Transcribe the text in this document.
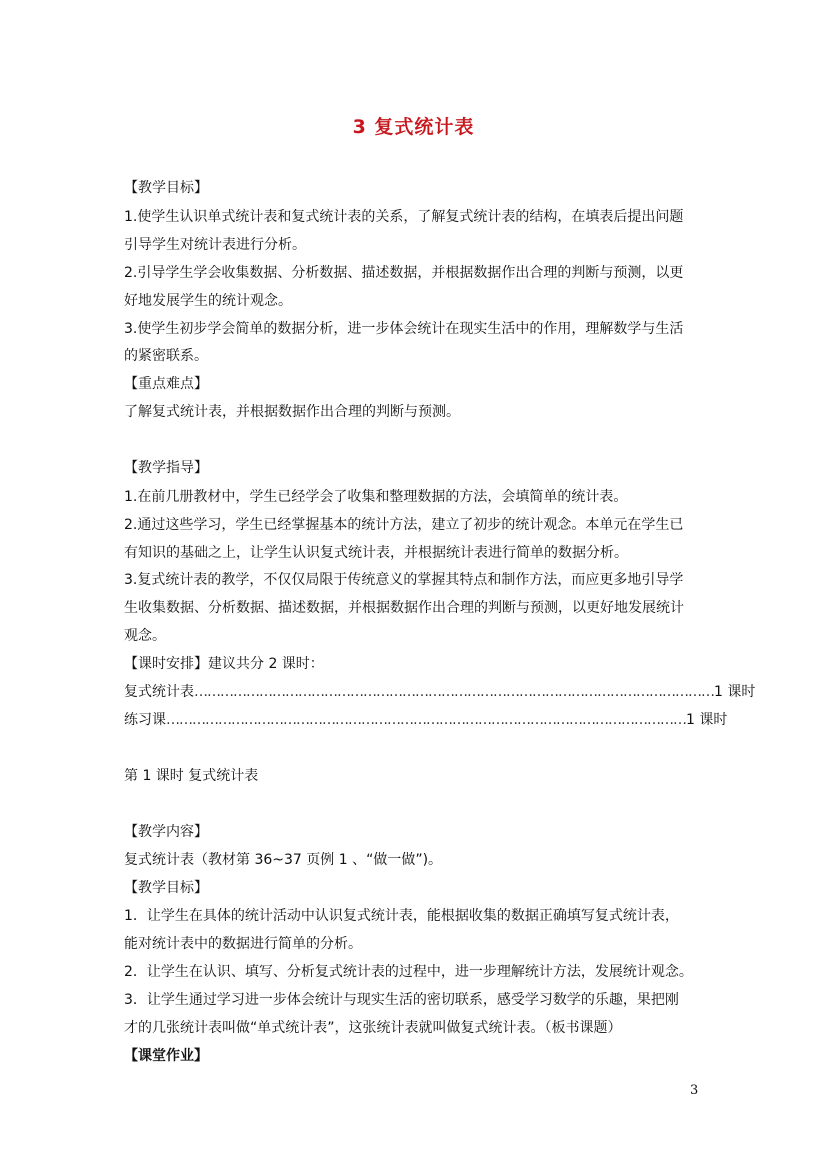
3 复式统计表
【教学目标】
1.使学生认识单式统计表和复式统计表的关系，了解复式统计表的结构，在填表后提出问题
引导学生对统计表进行分析。
2.引导学生学会收集数据、分析数据、描述数据，并根据数据作出合理的判断与预测，以更
好地发展学生的统计观念。
3.使学生初步学会简单的数据分析，进一步体会统计在现实生活中的作用，理解数学与生活
的紧密联系。
【重点难点】
了解复式统计表，并根据数据作出合理的判断与预测。
【教学指导】
1.在前几册教材中，学生已经学会了收集和整理数据的方法，会填简单的统计表。
2.通过这些学习，学生已经掌握基本的统计方法，建立了初步的统计观念。本单元在学生已
有知识的基础之上，让学生认识复式统计表，并根据统计表进行简单的数据分析。
3.复式统计表的教学，不仅仅局限于传统意义的掌握其特点和制作方法，而应更多地引导学
生收集数据、分析数据、描述数据，并根据数据作出合理的判断与预测，以更好地发展统计
观念。
【课时安排】建议共分 2 课时：
复式统计表 ………………………………………………………………………………………………………… 1 课时
练习课 ………………………………………………………………………………………………………… 1 课时
第 1 课时 复式统计表
【教学内容】
复式统计表（教材第 36~37 页例 1 、“做一做”)。
【教学目标】
1．让学生在具体的统计活动中认识复式统计表，能根据收集的数据正确填写复式统计表，
能对统计表中的数据进行简单的分析。
2．让学生在认识、填写、分析复式统计表的过程中，进一步理解统计方法，发展统计观念。
3．让学生通过学习进一步体会统计与现实生活的密切联系，感受学习数学的乐趣，果把刚
才的几张统计表叫做“单式统计表”，这张统计表就叫做复式统计表。（板书课题）
【课堂作业】
3
